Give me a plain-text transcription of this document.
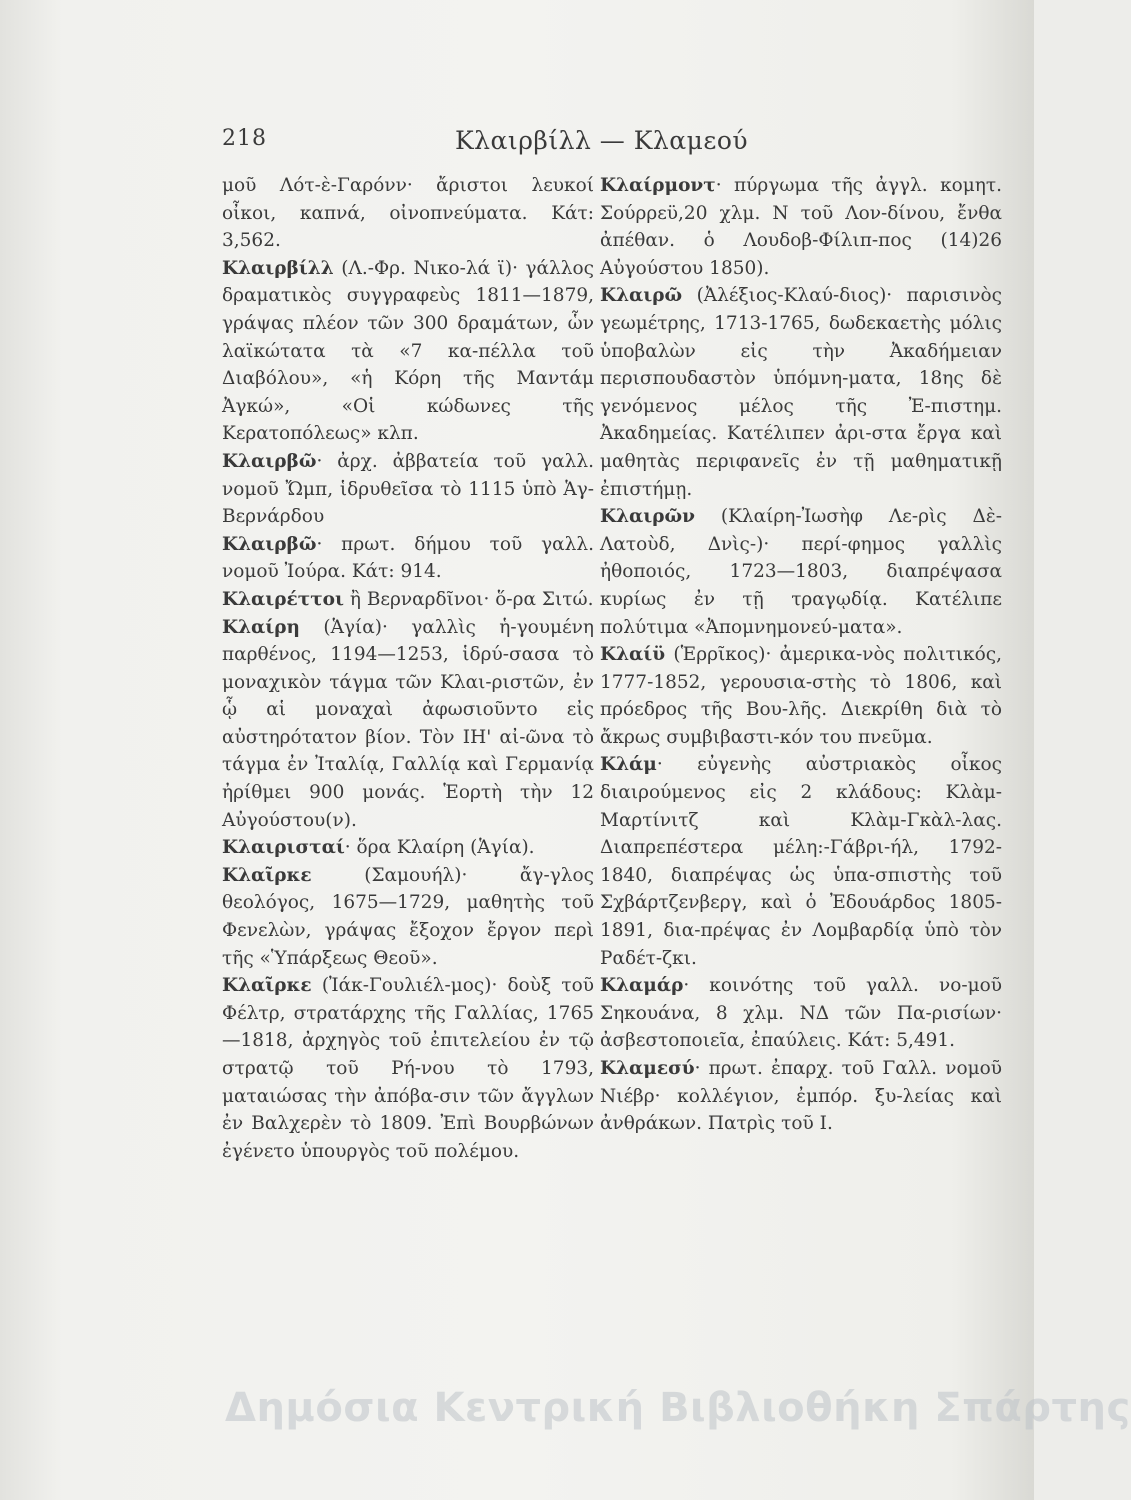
218	Κλαιρβίλλ — Κλαμεού

μοῦ Λότ-ὲ-Γαρόνν· ἄριστοι λευκοί οἶκοι, καπνά, οἰνοπνεύματα. Κάτ: 3,562.

Κλαιρβίλλ (Λ.-Φρ. Νικο-λά ϊ)· γάλλος δραματικὸς συγγραφεὺς 1811—1879, γράψας πλέον τῶν 300 δραμάτων, ὧν λαϊκώτατα τὰ «7 κα-πέλλα τοῦ Διαβόλου», «ἡ Κόρη τῆς Μαντάμ Ἀγκώ», «Οἱ κώδωνες τῆς Κερατοπόλεως» κλπ.

Κλαιρβῶ· ἀρχ. ἀββατεία τοῦ γαλλ. νομοῦ Ὤμπ, ἱδρυθεῖσα τὸ 1115 ὑπὸ Ἁγ-Βερνάρδου

Κλαιρβῶ· πρωτ. δήμου τοῦ γαλλ. νομοῦ Ἰούρα. Κάτ: 914.

Κλαιρέττοι ἢ Βερναρδῖνοι· ὅ-ρα Σιτώ.

Κλαίρη (Ἁγία)· γαλλὶς ἡ-γουμένη παρθένος, 1194—1253, ἱδρύ-σασα τὸ μοναχικὸν τάγμα τῶν Κλαι-ριστῶν, ἐν ᾧ αἱ μοναχαὶ ἀφωσιοῦντο εἰς αὐστηρότατον βίον. Τὸν ΙΗ' αἰ-ῶνα τὸ τάγμα ἐν Ἰταλίᾳ, Γαλλίᾳ καὶ Γερμανίᾳ ἠρίθμει 900 μονάς. Ἑορτὴ τὴν 12 Αὐγούστου(ν).

Κλαιρισταί· ὅρα Κλαίρη (Ἁγία).

Κλαῖρκε (Σαμουήλ)· ἄγ-γλος θεολόγος, 1675—1729, μαθητὴς τοῦ Φενελὼν, γράψας ἔξοχον ἔργον περὶ τῆς «Ὑπάρξεως Θεοῦ».

Κλαῖρκε (Ἰάκ-Γουλιέλ-μος)· δοὺξ τοῦ Φέλτρ, στρατάρχης τῆς Γαλλίας, 1765—1818, ἀρχηγὸς τοῦ ἐπιτελείου ἐν τῷ στρατῷ τοῦ Ρή-νου τὸ 1793, ματαιώσας τὴν ἀπόβα-σιν τῶν ἄγγλων ἐν Βαλχερὲν τὸ 1809. Ἐπὶ Βουρβώνων ἐγένετο ὑπουργὸς τοῦ πολέμου.

Κλαίρμοντ· πύργωμα τῆς ἀγγλ. κομητ. Σούρρεϋ,20 χλμ. Ν τοῦ Λον-δίνου, ἔνθα ἀπέθαν. ὁ Λουδοβ-Φίλιπ-πος (14)26 Αὐγούστου 1850).

Κλαιρῶ (Ἀλέξιος-Κλαύ-διος)· παρισινὸς γεωμέτρης, 1713-1765, δωδεκαετὴς μόλις ὑποβαλὼν εἰς τὴν Ἀκαδήμειαν περισπουδαστὸν ὑπόμνη-ματα, 18ης δὲ γενόμενος μέλος τῆς Ἐ-πιστημ. Ἀκαδημείας. Κατέλιπεν ἀρι-στα ἔργα καὶ μαθητὰς περιφανεῖς ἐν τῇ μαθηματικῇ ἐπιστήμῃ.

Κλαιρῶν (Κλαίρη-Ἰωσὴφ Λε-ρὶς Δὲ-Λατοὺδ, Δνὶς-)· περί-φημος γαλλὶς ἠθοποιός, 1723—1803, διαπρέψασα κυρίως ἐν τῇ τραγῳδίᾳ. Κατέλιπε πολύτιμα «Ἀπομνημονεύ-ματα».

Κλαίϋ (Ἑρρῖκος)· ἀμερικα-νὸς πολιτικός, 1777-1852, γερουσια-στὴς τὸ 1806, καὶ πρόεδρος τῆς Βου-λῆς. Διεκρίθη διὰ τὸ ἄκρως συμβιβαστι-κόν του πνεῦμα.

Κλάμ· εὐγενὴς αὐστριακὸς οἶκος διαιρούμενος εἰς 2 κλάδους: Κλὰμ-Μαρτίνιτζ καὶ Κλὰμ-Γκὰλ-λας. Διαπρεπέστερα μέλη:-Γάβρι-ήλ, 1792-1840, διαπρέψας ὡς ὑπα-σπιστὴς τοῦ Σχβάρτζενβεργ, καὶ ὁ Ἐδουάρδος 1805-1891, δια-πρέψας ἐν Λομβαρδίᾳ ὑπὸ τὸν Ραδέτ-ζκι.

Κλαμάρ· κοινότης τοῦ γαλλ. νο-μοῦ Σηκουάνα, 8 χλμ. ΝΔ τῶν Πα-ρισίων· ἀσβεστοποιεῖα, ἐπαύλεις. Κάτ: 5,491.

Κλαμεσύ· πρωτ. ἐπαρχ. τοῦ Γαλλ. νομοῦ Νιέβρ· κολλέγιον, ἐμπόρ. ξυ-λείας καὶ ἀνθράκων. Πατρὶς τοῦ Ι.

Δημόσια Κεντρική Βιβλιοθήκη Σπάρτης
